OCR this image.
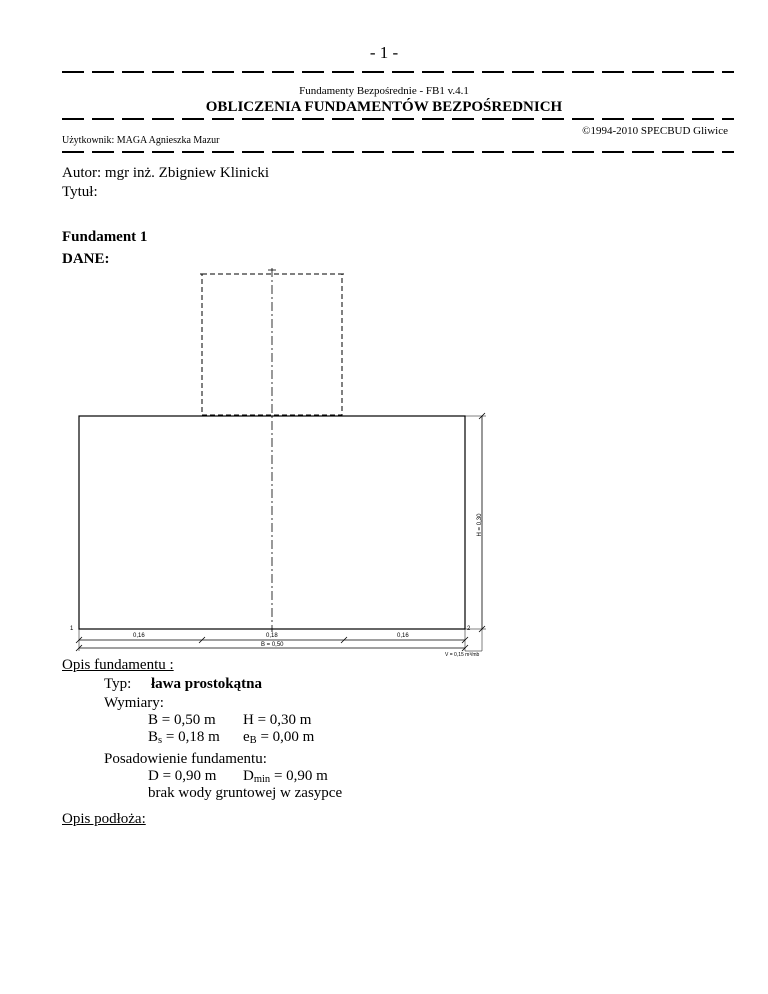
- 1 -
Fundamenty Bezpośrednie - FB1 v.4.1
OBLICZENIA FUNDAMENTÓW BEZPOŚREDNICH
©1994-2010 SPECBUD Gliwice
Użytkownik: MAGA Agnieszka Mazur
Autor: mgr inż. Zbigniew Klinicki
Tytuł:
Fundament 1
DANE:
1	2
0,16	0,18	0,16
B = 0,50
V = 0,15 m³/mb
H = 0,30
Opis fundamentu :
Typ: ława prostokątna
Wymiary:
B = 0,50 m H = 0,30 m
$B_s = 0,18$ m $e_B = 0,00$ m
Posadowienie fundamentu:
D = 0,90 m $D_{min} = 0,90$ m
brak wody gruntowej w zasypce
Opis podłoża:
